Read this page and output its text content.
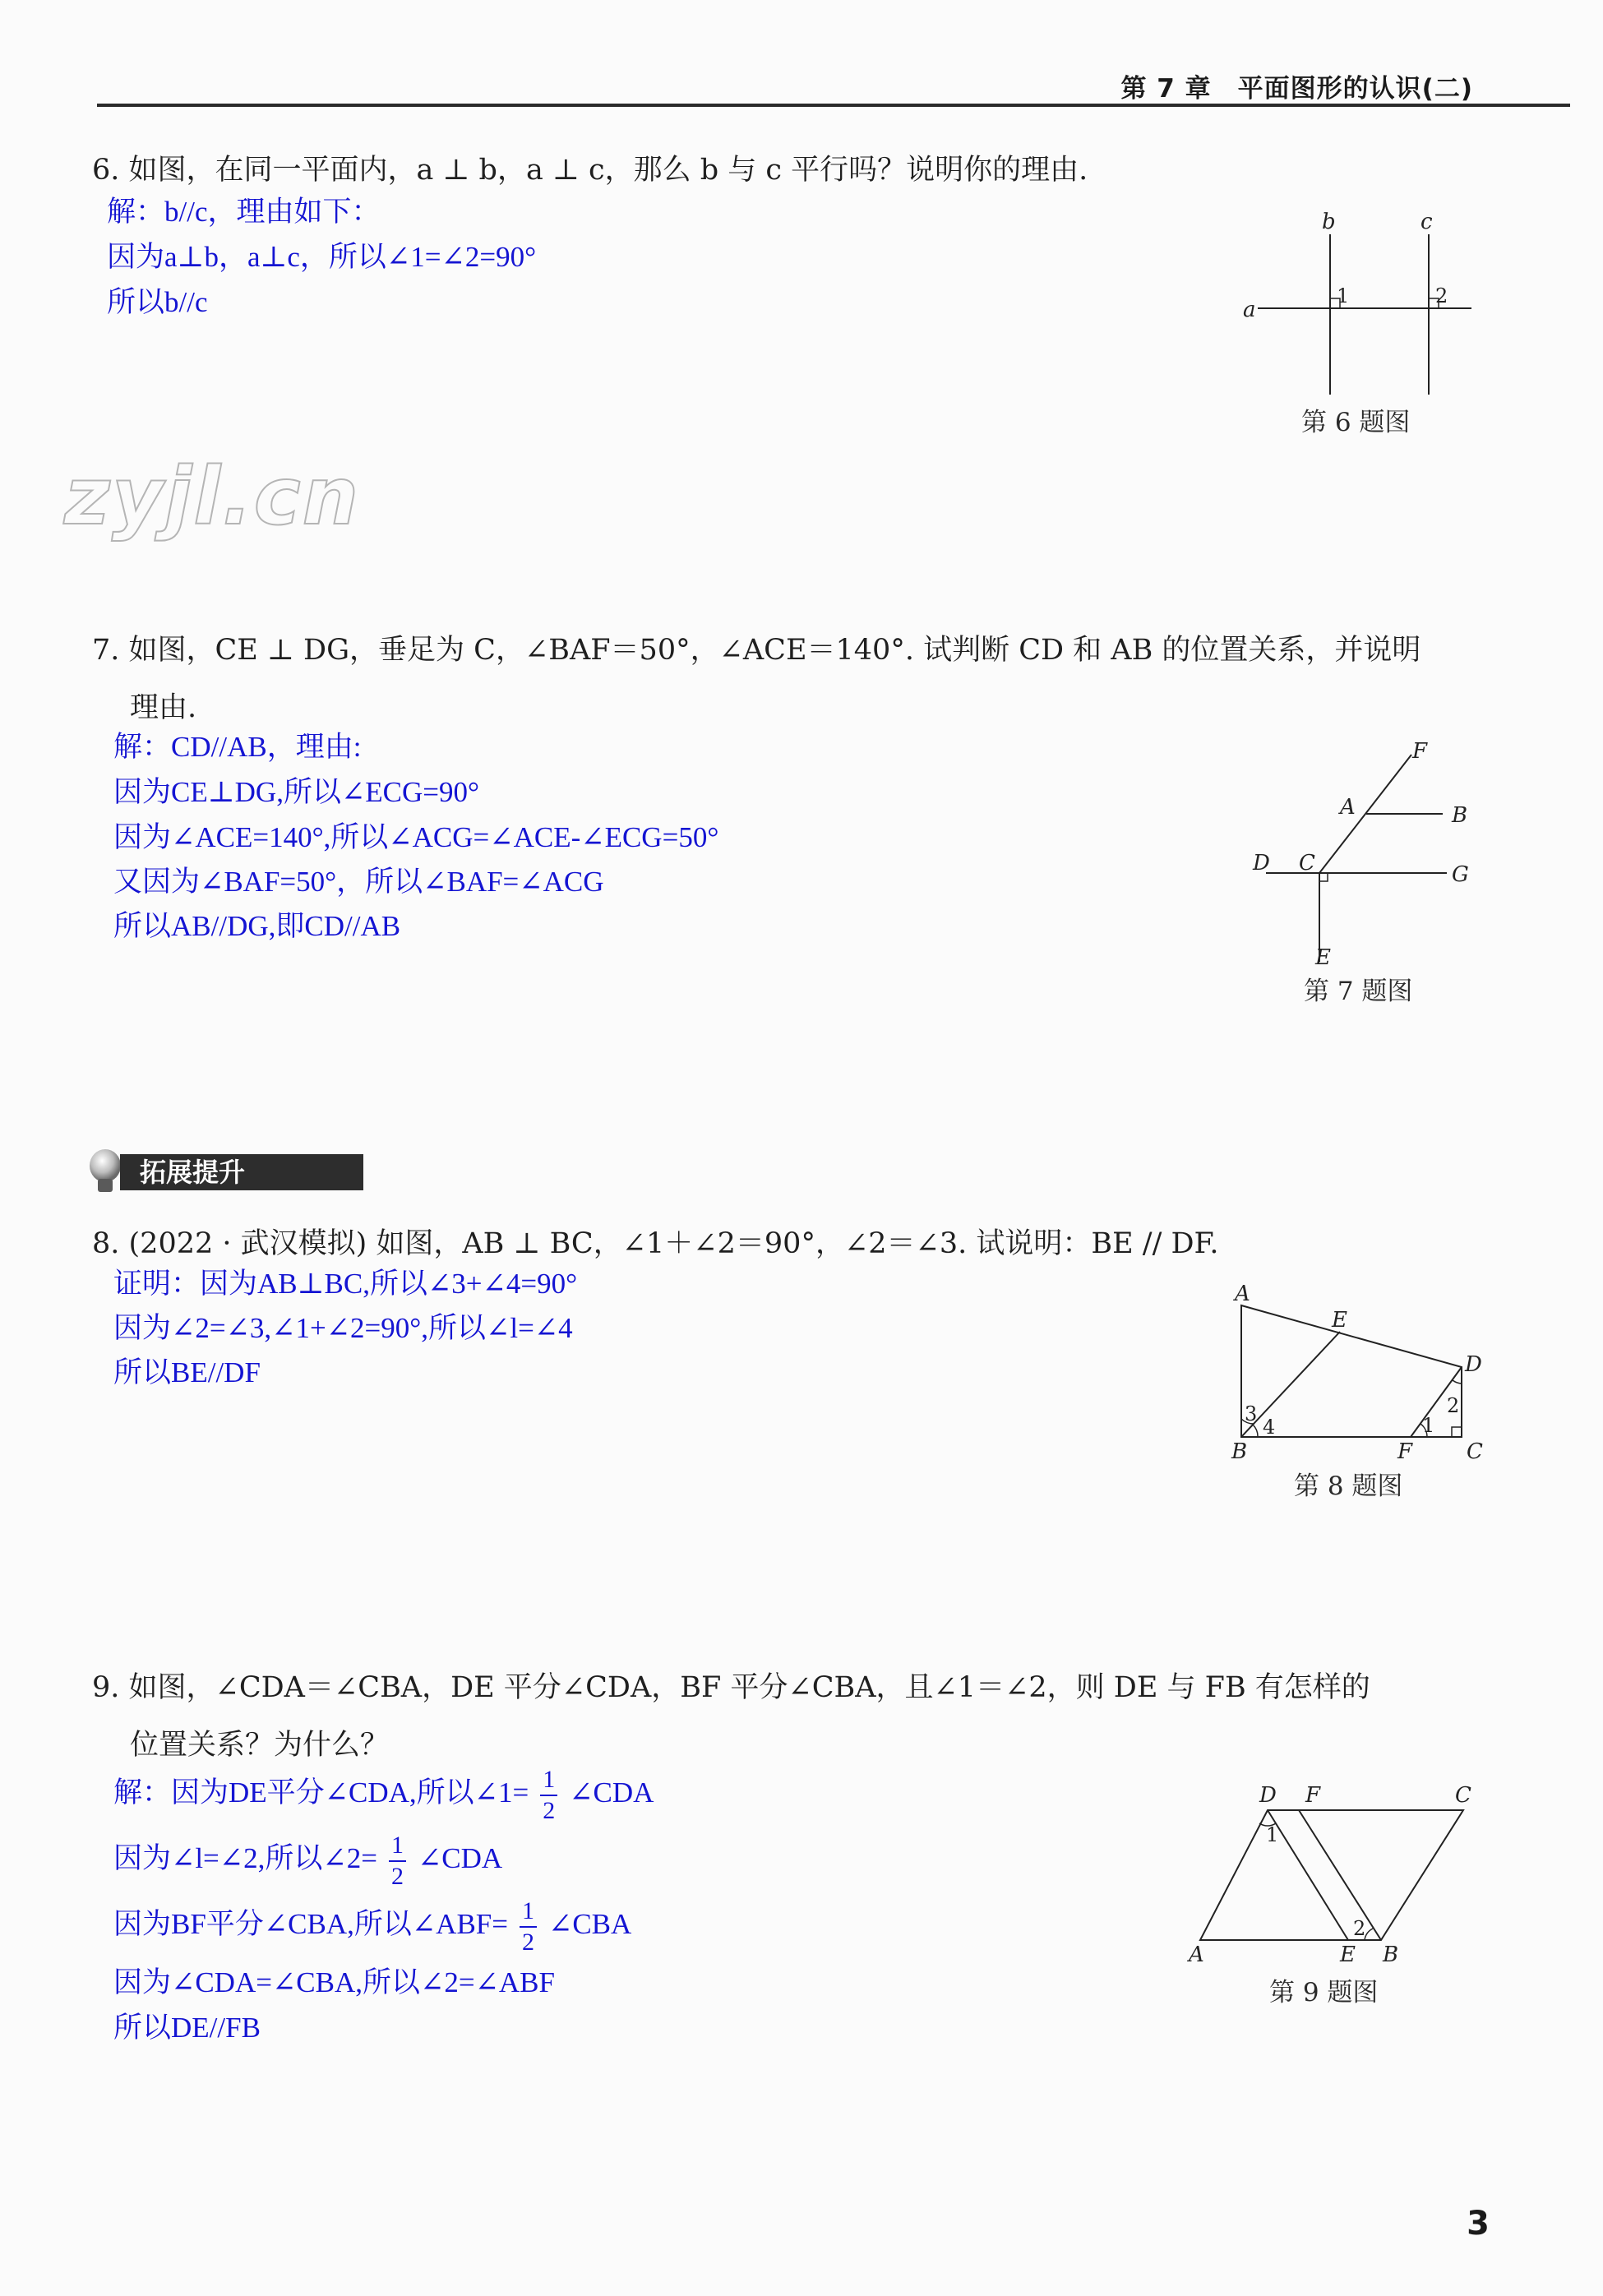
第 7 章　平面图形的认识(二)
zyjl.cn
6. 如图，在同一平面内，a ⊥ b，a ⊥ c，那么 b 与 c 平行吗？说明你的理由.
解：b//c，理由如下：
因为a⊥b，a⊥c，所以∠1=∠2=90°
所以b//c	a
b	c
1	2
第 6 题图
7. 如图，CE ⊥ DG，垂足为 C，∠BAF＝50°，∠ACE＝140°. 试判断 CD 和 AB 的位置关系，并说明
理由.
解：CD//AB，理由:
因为CE⊥DG,所以∠ECG=90°
因为∠ACE=140°,所以∠ACG=∠ACE-∠ECG=50°
又因为∠BAF=50°，所以∠BAF=∠ACG
所以AB//DG,即CD//AB
F
A	B
D C	G
E
第 7 题图
拓展提升
8. (2022 · 武汉模拟) 如图，AB ⊥ BC，∠1＋∠2＝90°，∠2＝∠3. 试说明：BE // DF.
证明：因为AB⊥BC,所以∠3+∠4=90°
因为∠2=∠3,∠1+∠2=90°,所以∠l=∠4
所以BE//DF
A
E
D
B	F	C
3
4	1
2
第 8 题图
9. 如图，∠CDA＝∠CBA，DE 平分∠CDA，BF 平分∠CBA，且∠1＝∠2，则 DE 与 FB 有怎样的
位置关系？为什么？
解：因为DE平分∠CDA,所以∠1= $\frac{1}{2}$ ∠CDA
因为∠l=∠2,所以∠2= $\frac{1}{2}$ ∠CDA
因为BF平分∠CBA,所以∠ABF= $\frac{1}{2}$ ∠CBA
因为∠CDA=∠CBA,所以∠2=∠ABF
所以DE//FB
D F	C
A	E B
1
2
第 9 题图
3
